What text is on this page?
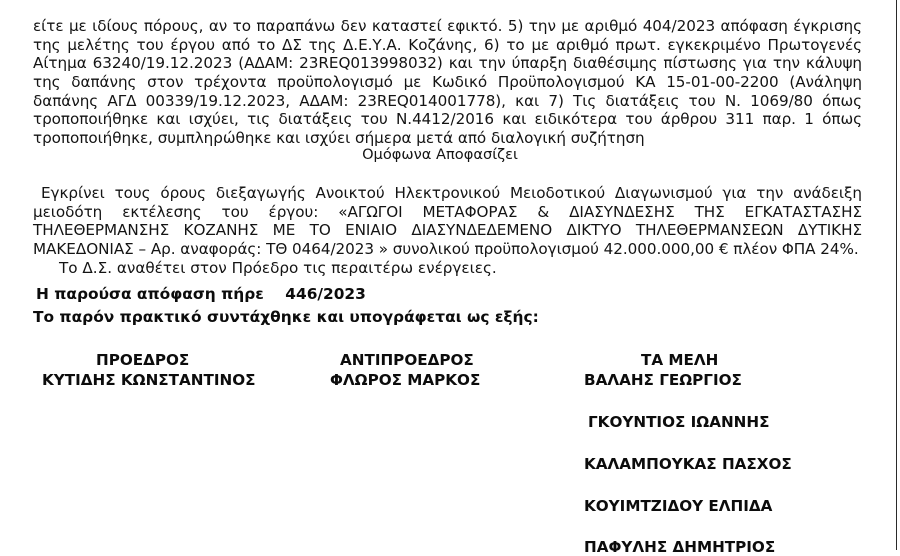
είτε με ιδίους πόρους, αν το παραπάνω δεν καταστεί εφικτό. 5) την με αριθμό 404/2023 απόφαση έγκρισης της μελέτης του έργου από το ΔΣ της Δ.Ε.Υ.Α. Κοζάνης, 6) το με αριθμό πρωτ. εγκεκριμένο Πρωτογενές Αίτημα 63240/19.12.2023 (ΑΔΑΜ: 23REQ013998032) και την ύπαρξη διαθέσιμης πίστωσης για την κάλυψη της δαπάνης στον τρέχοντα προϋπολογισμό με Κωδικό Προϋπολογισμού ΚΑ 15-01-00-2200 (Ανάληψη δαπάνης ΑΓΔ 00339/19.12.2023, ΑΔΑΜ: 23REQ014001778), και 7) Τις διατάξεις του Ν. 1069/80 όπως τροποποιήθηκε και ισχύει, τις διατάξεις του Ν.4412/2016 και ειδικότερα του άρθρου 311 παρ. 1 όπως τροποποιήθηκε, συμπληρώθηκε και ισχύει σήμερα μετά από διαλογική συζήτηση

Ομόφωνα Αποφασίζει

Εγκρίνει τους όρους διεξαγωγής Ανοικτού Ηλεκτρονικού Μειοδοτικού Διαγωνισμού για την ανάδειξη μειοδότη εκτέλεσης του έργου: «ΑΓΩΓΟΙ ΜΕΤΑΦΟΡΑΣ & ΔΙΑΣΥΝΔΕΣΗΣ ΤΗΣ ΕΓΚΑΤΑΣΤΑΣΗΣ ΤΗΛΕΘΕΡΜΑΝΣΗΣ ΚΟΖΑΝΗΣ ΜΕ ΤΟ ΕΝΙΑΙΟ ΔΙΑΣΥΝΔΕΔΕΜΕΝΟ ΔΙΚΤΥΟ ΤΗΛΕΘΕΡΜΑΝΣΕΩΝ ΔΥΤΙΚΗΣ ΜΑΚΕΔΟΝΙΑΣ – Αρ. αναφοράς: ΤΘ 0464/2023 » συνολικού προϋπολογισμού 42.000.000,00 € πλέον ΦΠΑ 24%.

Το Δ.Σ. αναθέτει στον Πρόεδρο τις περαιτέρω ενέργειες.

Η παρούσα απόφαση πήρε    446/2023
Το παρόν πρακτικό συντάχθηκε και υπογράφεται ως εξής:
ΠΡΟΕΔΡΟΣ
ΚΥΤΙΔΗΣ ΚΩΝΣΤΑΝΤΙΝΟΣ
ΑΝΤΙΠΡΟΕΔΡΟΣ
ΦΛΩΡΟΣ ΜΑΡΚΟΣ
ΤΑ ΜΕΛΗ
ΒΑΛΑΗΣ ΓΕΩΡΓΙΟΣ
ΓΚΟΥΝΤΙΟΣ ΙΩΑΝΝΗΣ
ΚΑΛΑΜΠΟΥΚΑΣ ΠΑΣΧΟΣ
ΚΟΥΙΜΤΖΙΔΟΥ ΕΛΠΙΔΑ
ΠΑΦΥΛΗΣ ΔΗΜΗΤΡΙΟΣ
